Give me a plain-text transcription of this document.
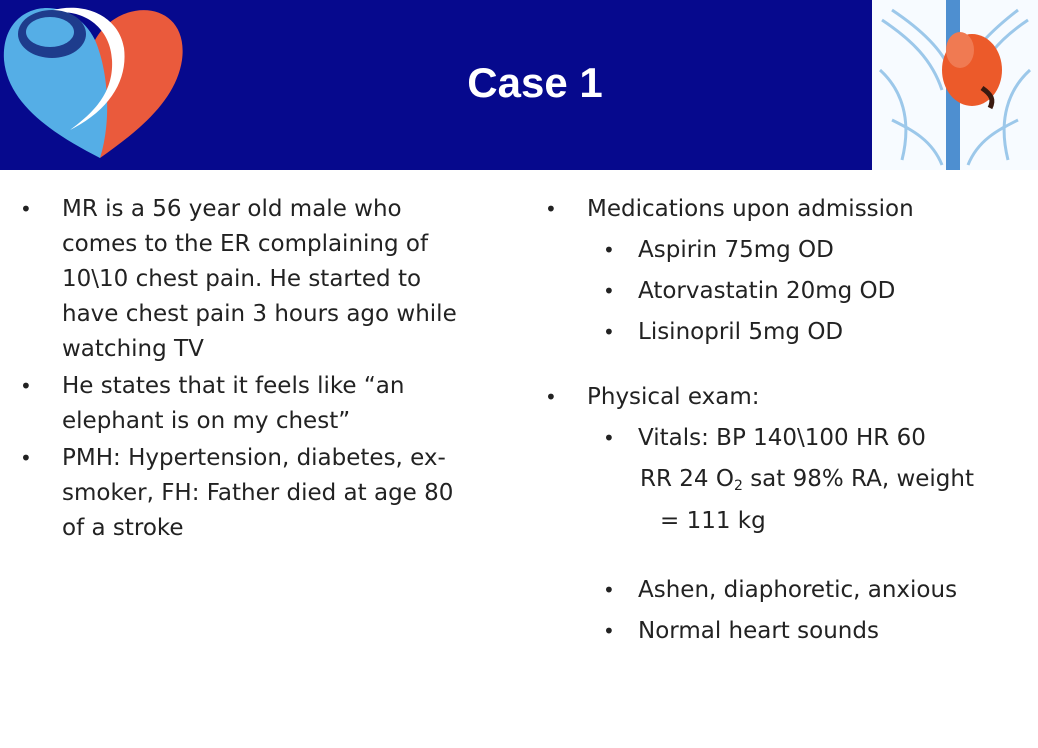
Case 1
• MR is a 56 year old male who comes to the ER complaining of 10\10 chest pain. He started to have chest pain 3 hours ago while watching TV
• He states that it feels like “an elephant is on my chest”
• PMH: Hypertension, diabetes, ex-smoker, FH: Father died at age 80 of a stroke
• Medications upon admission
• Aspirin 75mg OD
• Atorvastatin 20mg OD
• Lisinopril 5mg OD
• Physical exam:
• Vitals: BP 140\100 HR 60
RR 24 $O_2$ sat 98% RA, weight
= 111 kg
• Ashen, diaphoretic, anxious
• Normal heart sounds
